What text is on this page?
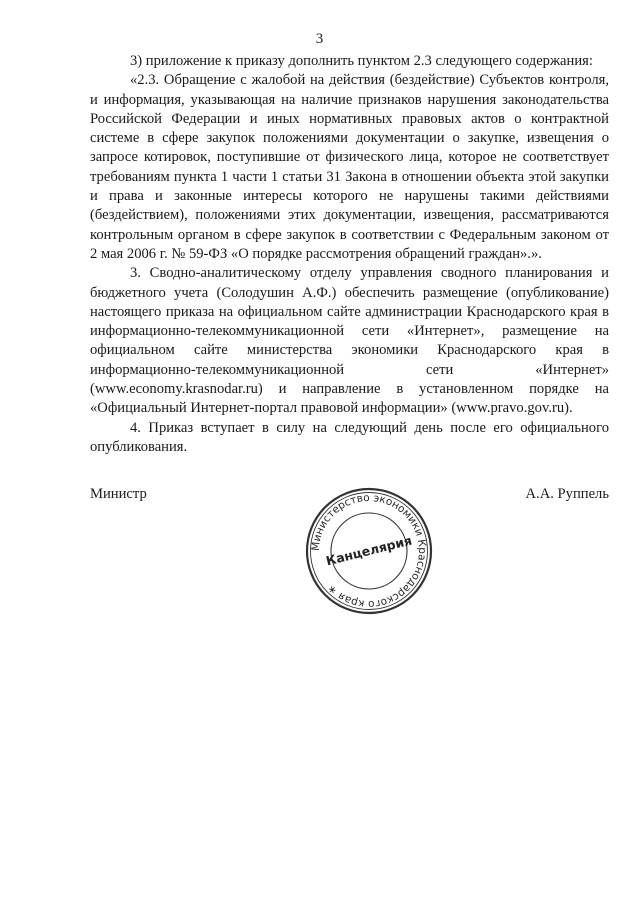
3

3) приложение к приказу дополнить пунктом 2.3 следующего содержания:

«2.3. Обращение с жалобой на действия (бездействие) Субъектов контроля, и информация, указывающая на наличие признаков нарушения законодательства Российской Федерации и иных нормативных правовых актов о контрактной системе в сфере закупок положениями документации о закупке, извещения о запросе котировок, поступившие от физического лица, которое не соответствует требованиям пункта 1 части 1 статьи 31 Закона в отношении объекта этой закупки и права и законные интересы которого не нарушены такими действиями (бездействием), положениями этих документации, извещения, рассматриваются контрольным органом в сфере закупок в соответствии с Федеральным законом от 2 мая 2006 г. № 59-ФЗ «О порядке рассмотрения обращений граждан».».

3. Сводно-аналитическому отделу управления сводного планирования и бюджетного учета (Солодушин А.Ф.) обеспечить размещение (опубликование) настоящего приказа на официальном сайте администрации Краснодарского края в информационно-телекоммуникационной сети «Интернет», размещение на официальном сайте министерства экономики Краснодарского края в информационно-телекоммуникационной сети «Интернет» (www.economy.krasnodar.ru) и направление в установленном порядке на «Официальный Интернет-портал правовой информации» (www.pravo.gov.ru).

4. Приказ вступает в силу на следующий день после его официального опубликования.

Министр	А.А. Руппель
Министерство экономики Краснодарского края ∗
Канцелярия
